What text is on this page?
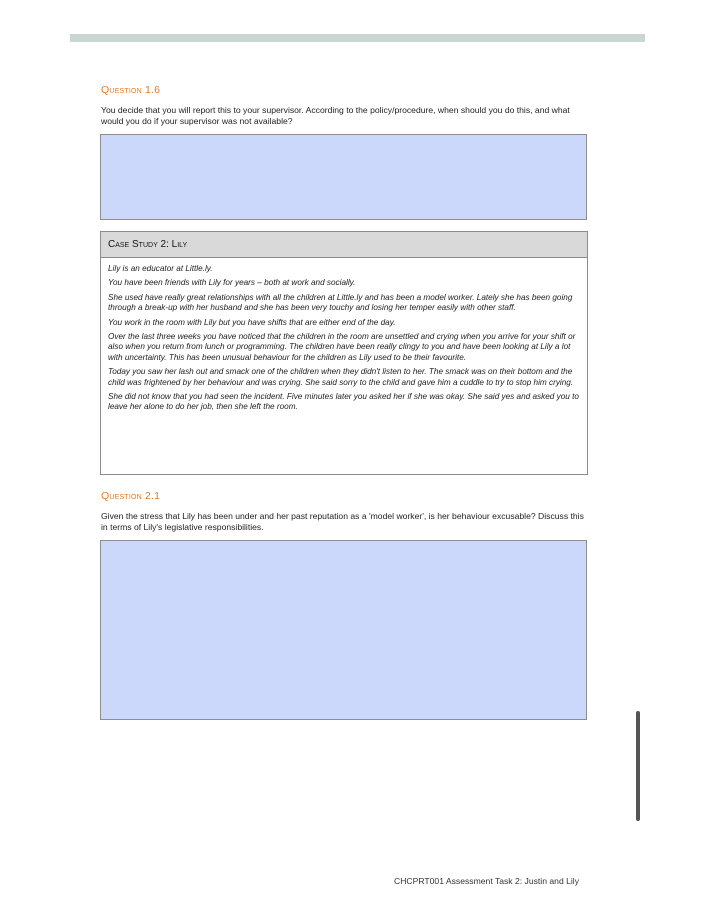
Question 1.6
You decide that you will report this to your supervisor. According to the policy/procedure, when should you do this, and what would you do if your supervisor was not available?
Case Study 2: Lily

Lily is an educator at Little.ly.

You have been friends with Lily for years – both at work and socially.

She used have really great relationships with all the children at Little.ly and has been a model worker. Lately she has been going through a break-up with her husband and she has been very touchy and losing her temper easily with other staff.

You work in the room with Lily but you have shifts that are either end of the day.

Over the last three weeks you have noticed that the children in the room are unsettled and crying when you arrive for your shift or also when you return from lunch or programming. The children have been really clingy to you and have been looking at Lily a lot with uncertainty. This has been unusual behaviour for the children as Lily used to be their favourite.

Today you saw her lash out and smack one of the children when they didn't listen to her. The smack was on their bottom and the child was frightened by her behaviour and was crying. She said sorry to the child and gave him a cuddle to try to stop him crying.

She did not know that you had seen the incident. Five minutes later you asked her if she was okay. She said yes and asked you to leave her alone to do her job, then she left the room.

Question 2.1
Given the stress that Lily has been under and her past reputation as a 'model worker', is her behaviour excusable? Discuss this in terms of Lily's legislative responsibilities.
CHCPRT001 Assessment Task 2: Justin and Lily
